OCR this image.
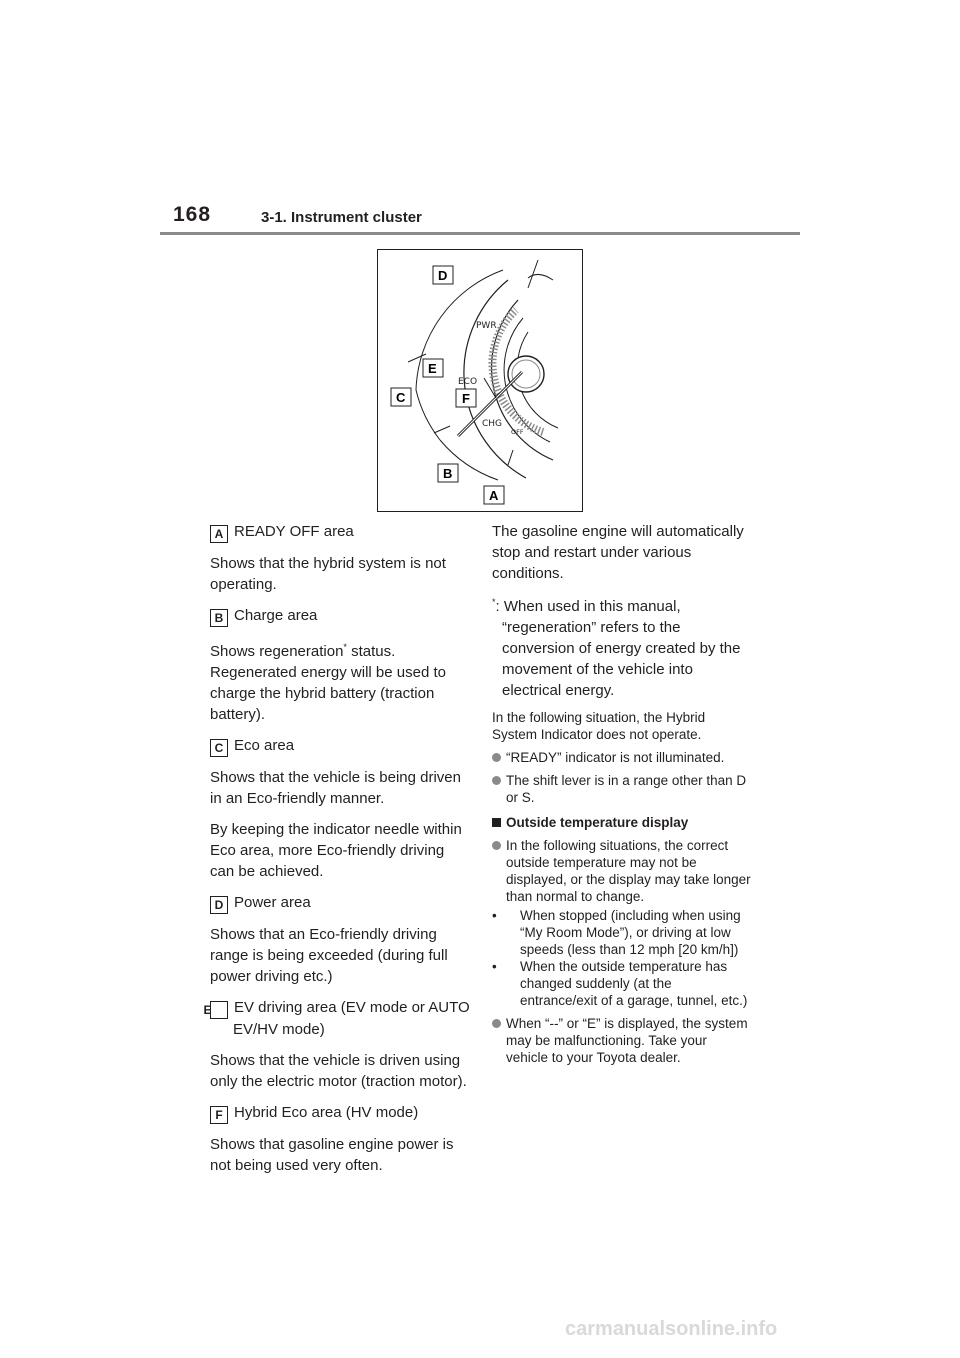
168	3-1. Instrument cluster
PWR
ECO
CHG
OFF
D
E
C	F
B
A

A READY OFF area

Shows that the hybrid system is not operating.

B Charge area

Shows regeneration* status. Regenerated energy will be used to charge the hybrid battery (traction battery).

C Eco area

Shows that the vehicle is being driven in an Eco-friendly manner.

By keeping the indicator needle within Eco area, more Eco-friendly driving can be achieved.

D Power area

Shows that an Eco-friendly driving range is being exceeded (during full power driving etc.)

E EV driving area (EV mode or AUTO EV/HV mode)

Shows that the vehicle is driven using only the electric motor (traction motor).

F Hybrid Eco area (HV mode)

Shows that gasoline engine power is not being used very often.

The gasoline engine will automatically stop and restart under various conditions.

*: When used in this manual, “regeneration” refers to the conversion of energy created by the movement of the vehicle into electrical energy.

In the following situation, the Hybrid System Indicator does not operate.

“READY” indicator is not illuminated.

The shift lever is in a range other than D or S.

Outside temperature display

In the following situations, the correct outside temperature may not be displayed, or the display may take longer than normal to change.

• When stopped (including when using “My Room Mode”), or driving at low speeds (less than 12 mph [20 km/h])

• When the outside temperature has changed suddenly (at the entrance/exit of a garage, tunnel, etc.)

When “--” or “E” is displayed, the system may be malfunctioning. Take your vehicle to your Toyota dealer.

carmanualsonline.info
